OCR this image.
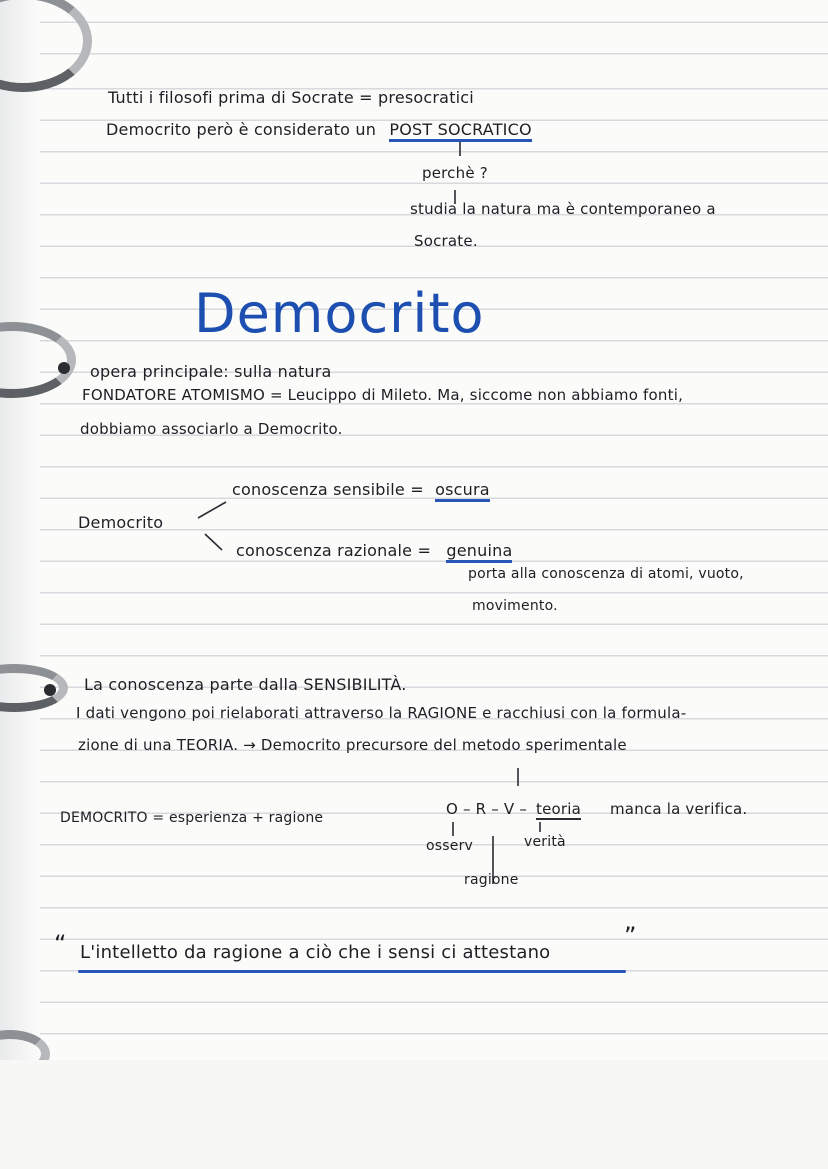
Tutti i filosofi prima di Socrate = presocratici
Democrito però è considerato un POST SOCRATICO
perchè ?
studia la natura ma è contemporaneo a
Socrate.
Democrito
opera principale: sulla natura
FONDATORE ATOMISMO = Leucippo di Mileto. Ma, siccome non abbiamo fonti,
dobbiamo associarlo a Democrito.
Democrito
conoscenza sensibile = oscura
conoscenza razionale = genuina
porta alla conoscenza di atomi, vuoto,
movimento.
La conoscenza parte dalla SENSIBILITÀ.
I dati vengono poi rielaborati attraverso la RAGIONE e racchiusi con la formula-
zione di una TEORIA. → Democrito precursore del metodo sperimentale
DEMOCRITO = esperienza + ragione	O – R – V – teoria manca la verifica.
osserv	verità
ragione
“ L'intelletto da ragione a ciò che i sensi ci attestano
”
